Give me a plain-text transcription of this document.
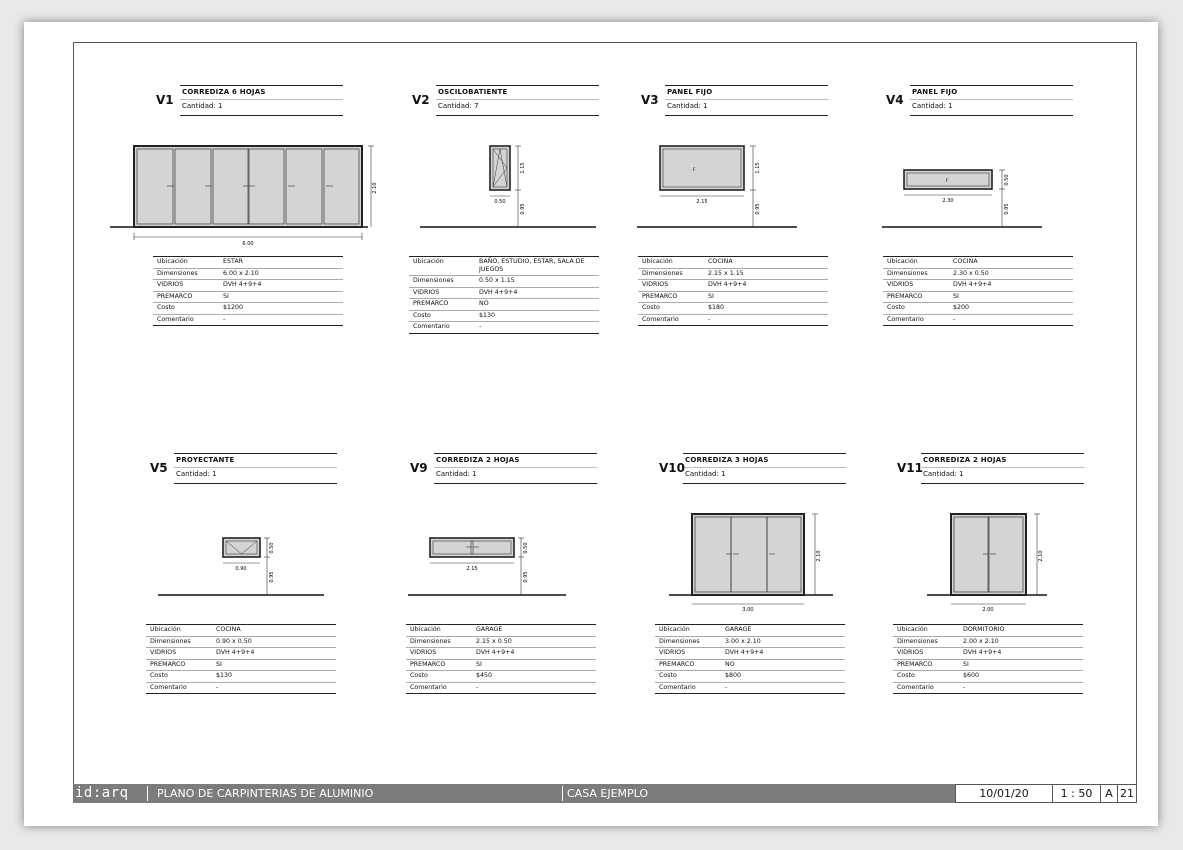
V1
CORREDIZA 6 HOJAS
Cantidad: 1
6.00
2.10
Ubicación	ESTAR
Dimensiones	6.00 x 2.10
VIDRIOS	DVH 4+9+4
PREMARCO	SI
Costo	$1200
Comentario	-
V2
OSCILOBATIENTE
Cantidad: 7
0.50
1.15
0.95
Ubicación	BAÑO, ESTUDIO, ESTAR, SALA DE JUEGOS
Dimensiones	0.50 x 1.15
VIDRIOS	DVH 4+9+4
PREMARCO	NO
Costo	$130
Comentario	-
V3
PANEL FIJO
Cantidad: 1
F
2.15
1.15
0.95
Ubicación	COCINA
Dimensiones	2.15 x 1.15
VIDRIOS	DVH 4+9+4
PREMARCO	SI
Costo	$180
Comentario	-
V4
PANEL FIJO
Cantidad: 1
F
2.30
0.50
0.95
Ubicación	COCINA
Dimensiones	2.30 x 0.50
VIDRIOS	DVH 4+9+4
PREMARCO	SI
Costo	$200
Comentario	-
V5
PROYECTANTE
Cantidad: 1
0.90
0.50
0.95
Ubicación	COCINA
Dimensiones	0.90 x 0.50
VIDRIOS	DVH 4+9+4
PREMARCO	SI
Costo	$130
Comentario	-
V9
CORREDIZA 2 HOJAS
Cantidad: 1
2.15
0.50
0.95
Ubicación	GARAGE
Dimensiones	2.15 x 0.50
VIDRIOS	DVH 4+9+4
PREMARCO	SI
Costo	$450
Comentario	-
V10
CORREDIZA 3 HOJAS
Cantidad: 1
3.00
2.10
Ubicación	GARAGE
Dimensiones	3.00 x 2.10
VIDRIOS	DVH 4+9+4
PREMARCO	NO
Costo	$800
Comentario	-
V11
CORREDIZA 2 HOJAS
Cantidad: 1
2.00
2.10
Ubicación	DORMITORIO
Dimensiones	2.00 x 2.10
VIDRIOS	DVH 4+9+4
PREMARCO	SI
Costo	$600
Comentario	-
id:arq	PLANO DE CARPINTERIAS DE ALUMINIO	CASA EJEMPLO	10/01/20	1 : 50	A 21
